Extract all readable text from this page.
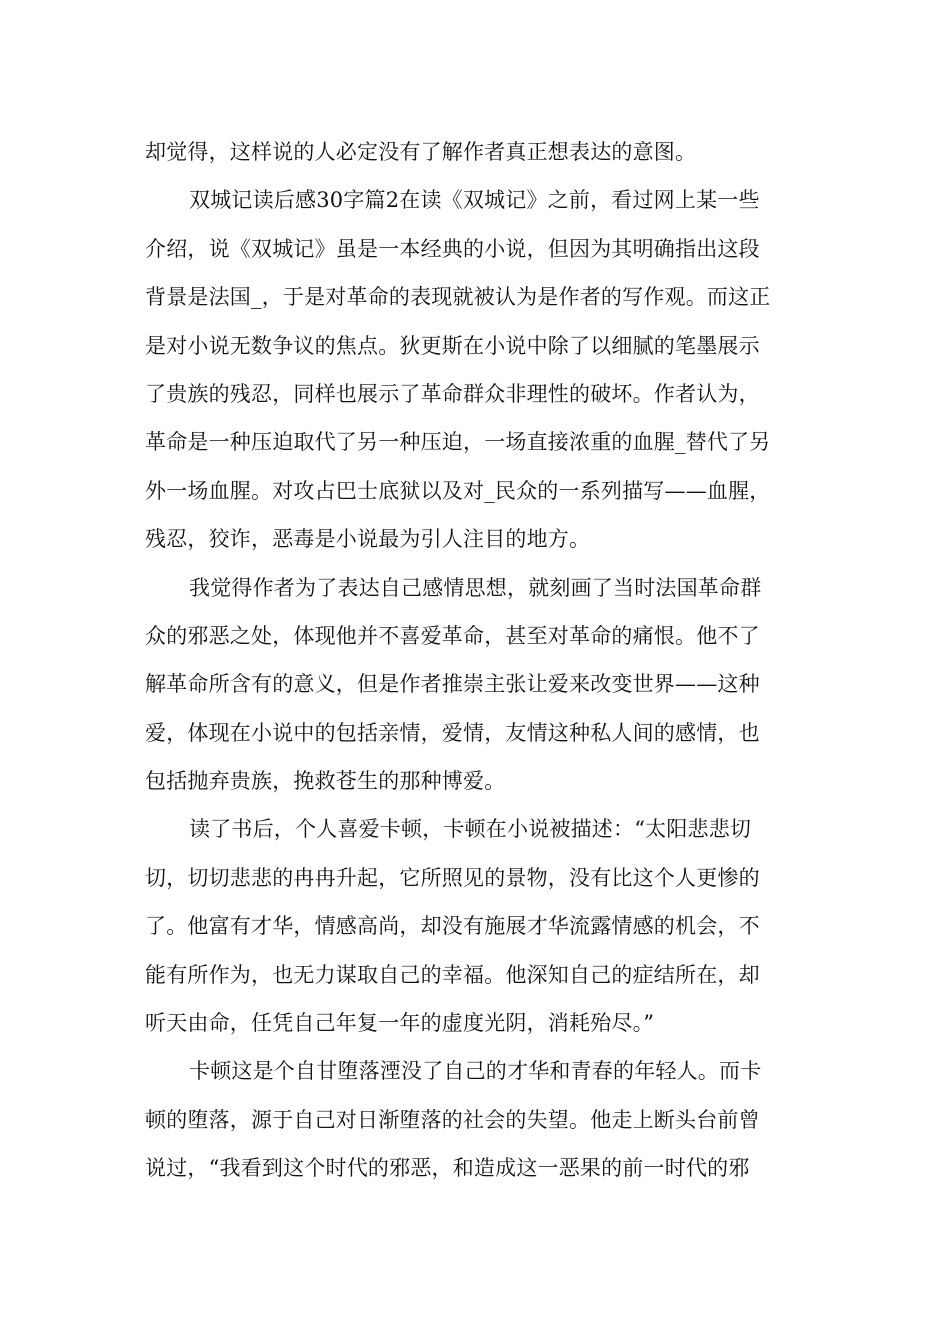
却觉得，这样说的人必定没有了解作者真正想表达的意图。
双城记读后感30字篇2在读《双城记》之前，看过网上某一些
介绍，说《双城记》虽是一本经典的小说，但因为其明确指出这段
背景是法国_，于是对革命的表现就被认为是作者的写作观。而这正
是对小说无数争议的焦点。狄更斯在小说中除了以细腻的笔墨展示
了贵族的残忍，同样也展示了革命群众非理性的破坏。作者认为，
革命是一种压迫取代了另一种压迫，一场直接浓重的血腥_替代了另
外一场血腥。对攻占巴士底狱以及对_民众的一系列描写——血腥，
残忍，狡诈，恶毒是小说最为引人注目的地方。
我觉得作者为了表达自己感情思想，就刻画了当时法国革命群
众的邪恶之处，体现他并不喜爱革命，甚至对革命的痛恨。他不了
解革命所含有的意义，但是作者推崇主张让爱来改变世界——这种
爱，体现在小说中的包括亲情，爱情，友情这种私人间的感情，也
包括抛弃贵族，挽救苍生的那种博爱。
读了书后，个人喜爱卡顿，卡顿在小说被描述：“太阳悲悲切
切，切切悲悲的冉冉升起，它所照见的景物，没有比这个人更惨的
了。他富有才华，情感高尚，却没有施展才华流露情感的机会，不
能有所作为，也无力谋取自己的幸福。他深知自己的症结所在，却
听天由命，任凭自己年复一年的虚度光阴，消耗殆尽。”
卡顿这是个自甘堕落湮没了自己的才华和青春的年轻人。而卡
顿的堕落，源于自己对日渐堕落的社会的失望。他走上断头台前曾
说过，“我看到这个时代的邪恶，和造成这一恶果的前一时代的邪
